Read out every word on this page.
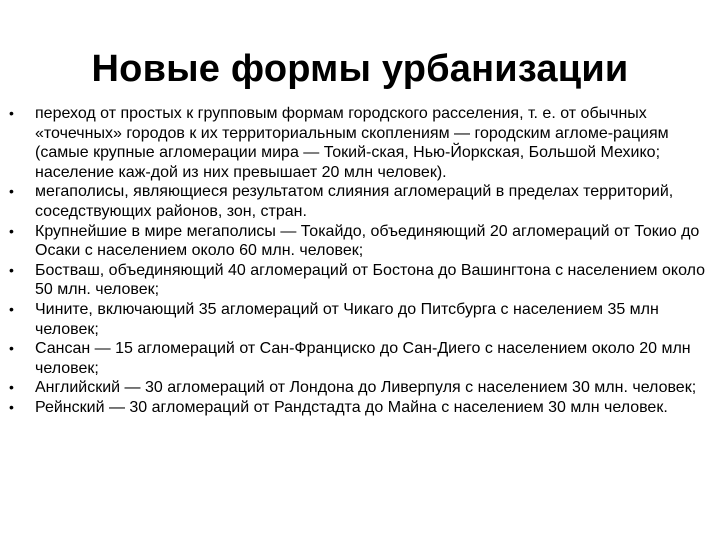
Новые формы урбанизации
• переход от простых к групповым формам городского расселения, т. е. от обычных «точечных» городов к их территориальным скоплениям — городским агломе-рациям (самые крупные агломерации мира — Токий-ская, Нью-Йоркская, Большой Мехико; население каж-дой из них превышает 20 млн человек).
• мегаполисы, являющиеся результатом слияния агломераций в пределах территорий, соседствующих районов, зон, стран.
• Крупнейшие в мире мегаполисы — Токайдо, объединяющий 20 агломераций от Токио до Осаки с населением около 60 млн. человек;
• Бостваш, объединяющий 40 агломераций от Бостона до Вашингтона с населением около 50 млн. человек;
• Чините, включающий 35 агломераций от Чикаго до Питсбурга с населением 35 млн человек;
• Сансан — 15 агломераций от Сан-Франциско до Сан-Диего с населением около 20 млн человек;
• Английский — 30 агломераций от Лондона до Ливерпуля с населением 30 млн. человек;
• Рейнский — 30 агломераций от Рандстадта до Майна с населением 30 млн человек.
